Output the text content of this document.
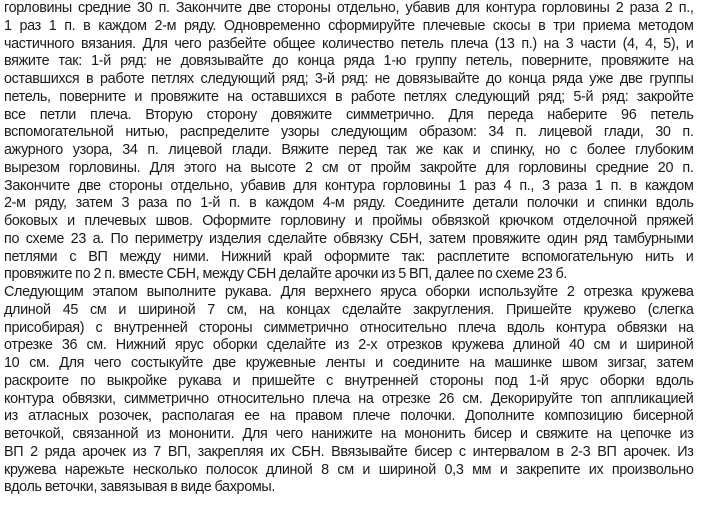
горловины средние 30 п. Закончите две стороны отдельно, убавив для контура горловины 2 раза 2 п.,
1 раз 1 п. в каждом 2-м ряду. Одновременно сформируйте плечевые скосы в три приема методом
частичного вязания. Для чего разбейте общее количество петель плеча (13 п.) на 3 части (4, 4, 5), и
вяжите так: 1-й ряд: не довязывайте до конца ряда 1-ю группу петель, поверните, провяжите на
оставшихся в работе петлях следующий ряд; 3-й ряд: не довязывайте до конца ряда уже две группы
петель, поверните и провяжите на оставшихся в работе петлях следующий ряд; 5-й ряд: закройте
все петли плеча. Вторую сторону довяжите симметрично. Для переда наберите 96 петель
вспомогательной нитью, распределите узоры следующим образом: 34 п. лицевой глади, 30 п.
ажурного узора, 34 п. лицевой глади. Вяжите перед так же как и спинку, но с более глубоким
вырезом горловины. Для этого на высоте 2 см от пройм закройте для горловины средние 20 п.
Закончите две стороны отдельно, убавив для контура горловины 1 раз 4 п., 3 раза 1 п. в каждом
2-м ряду, затем 3 раза по 1-й п. в каждом 4-м ряду. Соедините детали полочки и спинки вдоль
боковых и плечевых швов. Оформите горловину и проймы обвязкой крючком отделочной пряжей
по схеме 23 а. По периметру изделия сделайте обвязку СБН, затем провяжите один ряд тамбурными
петлями с ВП между ними. Нижний край оформите так: расплетите вспомогательную нить и
провяжите по 2 п. вместе СБН, между СБН делайте арочки из 5 ВП, далее по схеме 23 б.
Следующим этапом выполните рукава. Для верхнего яруса оборки используйте 2 отрезка кружева
длиной 45 см и шириной 7 см, на концах сделайте закругления. Пришейте кружево (слегка
присобирая) с внутренней стороны симметрично относительно плеча вдоль контура обвязки на
отрезке 36 см. Нижний ярус оборки сделайте из 2-х отрезков кружева длиной 40 см и шириной
10 см. Для чего состыкуйте две кружевные ленты и соедините на машинке швом зигзаг, затем
раскроите по выкройке рукава и пришейте с внутренней стороны под 1-й ярус оборки вдоль
контура обвязки, симметрично относительно плеча на отрезке 26 см. Декорируйте топ аппликацией
из атласных розочек, располагая ее на правом плече полочки. Дополните композицию бисерной
веточкой, связанной из мононити. Для чего нанижите на мононить бисер и свяжите на цепочке из
ВП 2 ряда арочек из 7 ВП, закрепляя их СБН. Ввязывайте бисер с интервалом в 2-3 ВП арочек. Из
кружева нарежьте несколько полосок длиной 8 см и шириной 0,3 мм и закрепите их произвольно
вдоль веточки, завязывая в виде бахромы.
